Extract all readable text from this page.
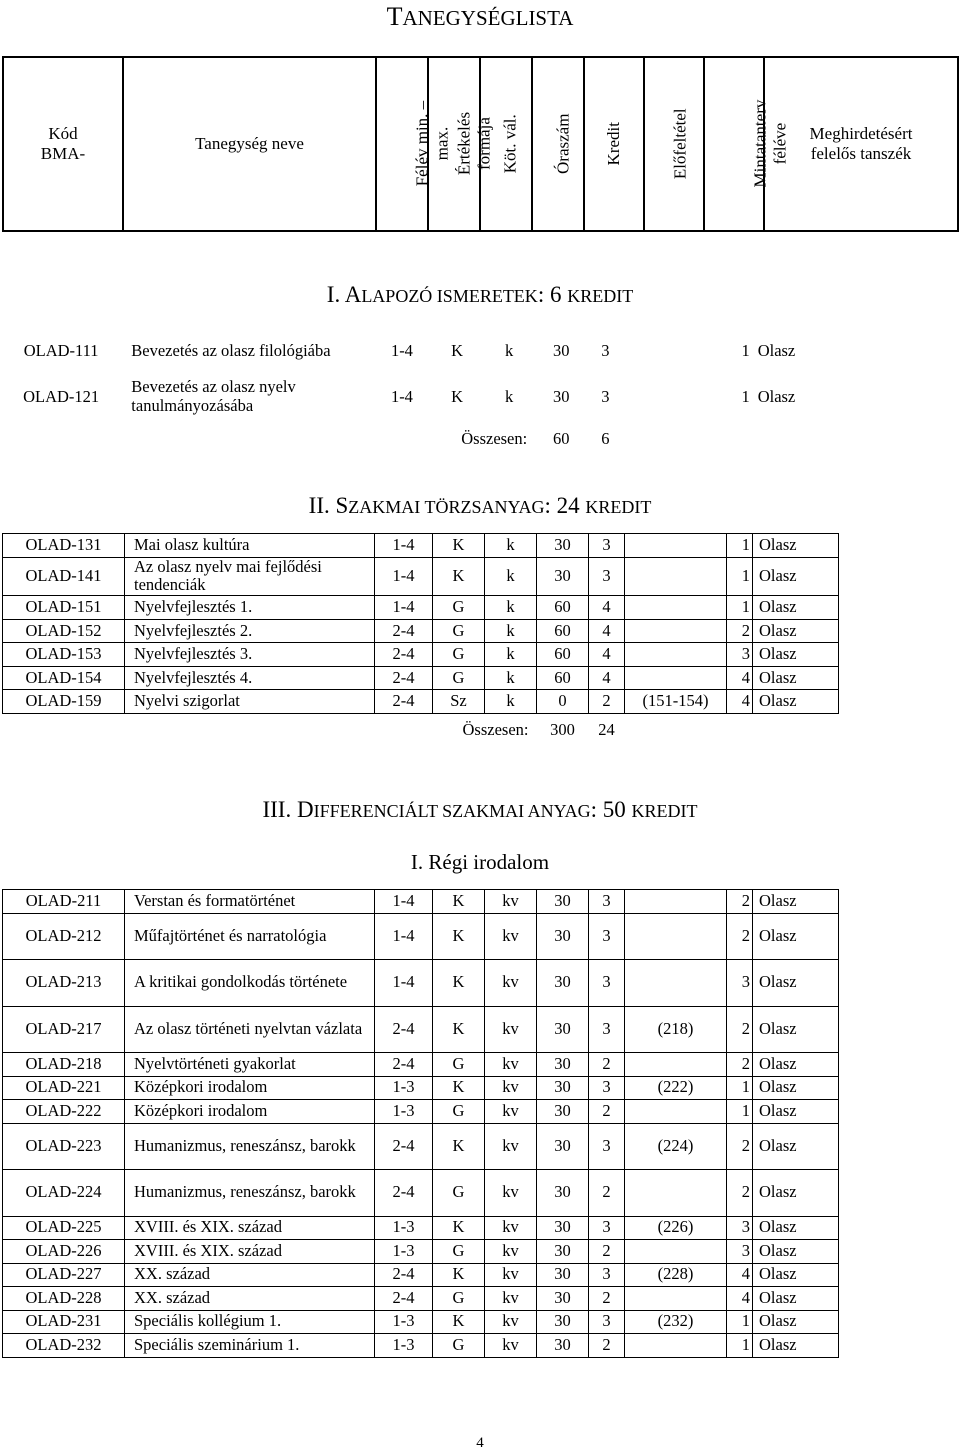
TANEGYSÉGLISTA
Kód BMA-
	Tanegység neve	Félév min. – max.	Értékelés formája	Köt. vál.	Óraszám	Kredit	Előfeltétel	Mintatanterv féléve	Meghirdetésért felelős tanszék
I. ALAPOZÓ ISMERETEK: 6 KREDIT
OLAD-111	Bevezetés az olasz filológiába	1-4	K	k	30	3		1	Olasz
OLAD-121	Bevezetés az olasz nyelv tanulmányozásába	1-4	K	k	30	3		1	Olasz
		Összesen:			60	6			
II. SZAKMAI TÖRZSANYAG: 24 KREDIT
OLAD-131	Mai olasz kultúra	1-4	K	k	30	3		1	Olasz
OLAD-141	Az olasz nyelv mai fejlődési tendenciák	1-4	K	k	30	3		1	Olasz
OLAD-151	Nyelvfejlesztés 1.	1-4	G	k	60	4		1	Olasz
OLAD-152	Nyelvfejlesztés 2.	2-4	G	k	60	4		2	Olasz
OLAD-153	Nyelvfejlesztés 3.	2-4	G	k	60	4		3	Olasz
OLAD-154	Nyelvfejlesztés 4.	2-4	G	k	60	4		4	Olasz
OLAD-159	Nyelvi szigorlat	2-4	Sz	k	0	2	(151-154)	4	Olasz
		Összesen:			300	24			
III. DIFFERENCIÁLT SZAKMAI ANYAG: 50 KREDIT
I. Régi irodalom
OLAD-211	Verstan és formatörténet	1-4	K	kv	30	3		2	Olasz
OLAD-212	Műfajtörténet és narratológia	1-4	K	kv	30	3		2	Olasz
OLAD-213	A kritikai gondolkodás története	1-4	K	kv	30	3		3	Olasz
OLAD-217	Az olasz történeti nyelvtan vázlata	2-4	K	kv	30	3	(218)	2	Olasz
OLAD-218	Nyelvtörténeti gyakorlat	2-4	G	kv	30	2		2	Olasz
OLAD-221	Középkori irodalom	1-3	K	kv	30	3	(222)	1	Olasz
OLAD-222	Középkori irodalom	1-3	G	kv	30	2		1	Olasz
OLAD-223	Humanizmus, reneszánsz, barokk	2-4	K	kv	30	3	(224)	2	Olasz
OLAD-224	Humanizmus, reneszánsz, barokk	2-4	G	kv	30	2		2	Olasz
OLAD-225	XVIII. és XIX. század	1-3	K	kv	30	3	(226)	3	Olasz
OLAD-226	XVIII. és XIX. század	1-3	G	kv	30	2		3	Olasz
OLAD-227	XX. század	2-4	K	kv	30	3	(228)	4	Olasz
OLAD-228	XX. század	2-4	G	kv	30	2		4	Olasz
OLAD-231	Speciális kollégium 1.	1-3	K	kv	30	3	(232)	1	Olasz
OLAD-232	Speciális szeminárium 1.	1-3	G	kv	30	2		1	Olasz
4
